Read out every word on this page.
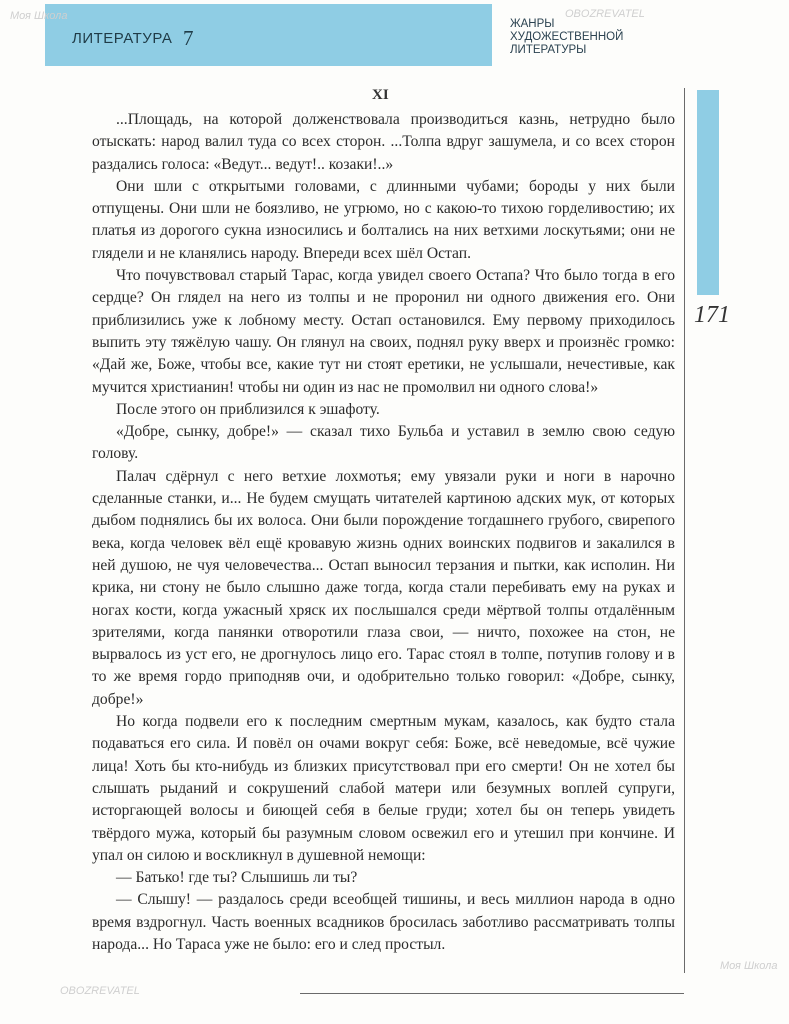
ЛИТЕРАТУРА 7
ЖАНРЫ ХУДОЖЕСТВЕННОЙ ЛИТЕРАТУРЫ
171
XI

...Площадь, на которой долженствовала производиться казнь, нетрудно было отыскать: народ валил туда со всех сторон. ...Толпа вдруг зашумела, и со всех сторон раздались голоса: «Ведут... ведут!.. козаки!..»

Они шли с открытыми головами, с длинными чубами; бороды у них были отпущены. Они шли не боязливо, не угрюмо, но с какою-то тихою горделивостию; их платья из дорогого сукна износились и болтались на них ветхими лоскутьями; они не глядели и не кланялись народу. Впереди всех шёл Остап.

Что почувствовал старый Тарас, когда увидел своего Остапа? Что было тогда в его сердце? Он глядел на него из толпы и не проронил ни одного движения его. Они приблизились уже к лобному месту. Остап остановился. Ему первому приходилось выпить эту тяжёлую чашу. Он глянул на своих, поднял руку вверх и произнёс громко: «Дай же, Боже, чтобы все, какие тут ни стоят еретики, не услышали, нечестивые, как мучится христианин! чтобы ни один из нас не промолвил ни одного слова!»

После этого он приблизился к эшафоту.

«Добре, сынку, добре!» — сказал тихо Бульба и уставил в землю свою седую голову.

Палач сдёрнул с него ветхие лохмотья; ему увязали руки и ноги в нарочно сделанные станки, и... Не будем смущать читателей картиною адских мук, от которых дыбом поднялись бы их волоса. Они были порождение тогдашнего грубого, свирепого века, когда человек вёл ещё кровавую жизнь одних воинских подвигов и закалился в ней душою, не чуя человечества... Остап выносил терзания и пытки, как исполин. Ни крика, ни стону не было слышно даже тогда, когда стали перебивать ему на руках и ногах кости, когда ужасный хряск их послышался среди мёртвой толпы отдалённым зрителями, когда панянки отворотили глаза свои, — ничто, похожее на стон, не вырвалось из уст его, не дрогнулось лицо его. Тарас стоял в толпе, потупив голову и в то же время гордо приподняв очи, и одобрительно только говорил: «Добре, сынку, добре!»

Но когда подвели его к последним смертным мукам, казалось, как будто стала подаваться его сила. И повёл он очами вокруг себя: Боже, всё неведомые, всё чужие лица! Хоть бы кто-нибудь из близких присутствовал при его смерти! Он не хотел бы слышать рыданий и сокрушений слабой матери или безумных воплей супруги, исторгающей волосы и биющей себя в белые груди; хотел бы он теперь увидеть твёрдого мужа, который бы разумным словом освежил его и утешил при кончине. И упал он силою и воскликнул в душевной немощи:

— Батько! где ты? Слышишь ли ты?

— Слышу! — раздалось среди всеобщей тишины, и весь миллион народа в одно время вздрогнул. Часть военных всадников бросилась заботливо рассматривать толпы народа... Но Тараса уже не было: его и след простыл.

Моя Школа	OBOZREVATEL
OBOZREVATEL
Моя Школа
